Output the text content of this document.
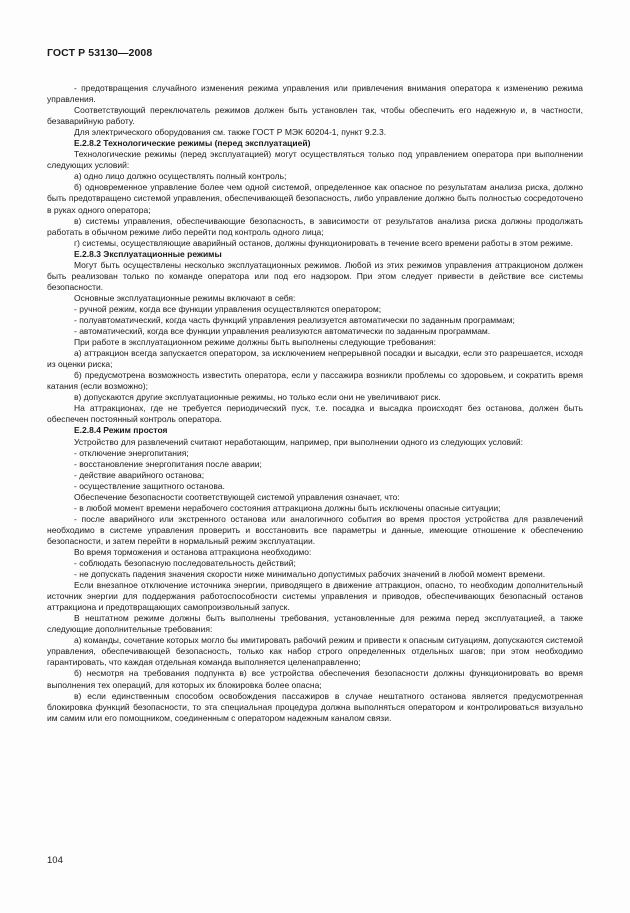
ГОСТ Р 53130—2008

- предотвращения случайного изменения режима управления или привлечения внимания оператора к изменению режима управления.

Соответствующий переключатель режимов должен быть установлен так, чтобы обеспечить его надежную и, в частности, безаварийную работу.

Для электрического оборудования см. также ГОСТ Р МЭК 60204-1, пункт 9.2.3.

Е.2.8.2 Технологические режимы (перед эксплуатацией)

Технологические режимы (перед эксплуатацией) могут осуществляться только под управлением оператора при выполнении следующих условий:

а) одно лицо должно осуществлять полный контроль;

б) одновременное управление более чем одной системой, определенное как опасное по результатам анализа риска, должно быть предотвращено системой управления, обеспечивающей безопасность, либо управление должно быть полностью сосредоточено в руках одного оператора;

в) системы управления, обеспечивающие безопасность, в зависимости от результатов анализа риска должны продолжать работать в обычном режиме либо перейти под контроль одного лица;

г) системы, осуществляющие аварийный останов, должны функционировать в течение всего времени работы в этом режиме.

Е.2.8.3 Эксплуатационные режимы

Могут быть осуществлены несколько эксплуатационных режимов. Любой из этих режимов управления аттракционом должен быть реализован только по команде оператора или под его надзором. При этом следует привести в действие все системы безопасности.

Основные эксплуатационные режимы включают в себя:

- ручной режим, когда все функции управления осуществляются оператором;

- полуавтоматический, когда часть функций управления реализуется автоматически по заданным программам;

- автоматический, когда все функции управления реализуются автоматически по заданным программам.

При работе в эксплуатационном режиме должны быть выполнены следующие требования:

а) аттракцион всегда запускается оператором, за исключением непрерывной посадки и высадки, если это разрешается, исходя из оценки риска;

б) предусмотрена возможность известить оператора, если у пассажира возникли проблемы со здоровьем, и сократить время катания (если возможно);

в) допускаются другие эксплуатационные режимы, но только если они не увеличивают риск.

На аттракционах, где не требуется периодический пуск, т.е. посадка и высадка происходят без останова, должен быть обеспечен постоянный контроль оператора.

Е.2.8.4 Режим простоя

Устройство для развлечений считают неработающим, например, при выполнении одного из следующих условий:

- отключение энергопитания;

- восстановление энергопитания после аварии;

- действие аварийного останова;

- осуществление защитного останова.

Обеспечение безопасности соответствующей системой управления означает, что:

- в любой момент времени нерабочего состояния аттракциона должны быть исключены опасные ситуации;

- после аварийного или экстренного останова или аналогичного события во время простоя устройства для развлечений необходимо в системе управления проверить и восстановить все параметры и данные, имеющие отношение к обеспечению безопасности, и затем перейти в нормальный режим эксплуатации.

Во время торможения и останова аттракциона необходимо:

- соблюдать безопасную последовательность действий;

- не допускать падения значения скорости ниже минимально допустимых рабочих значений в любой момент времени.

Если внезапное отключение источника энергии, приводящего в движение аттракцион, опасно, то необходим дополнительный источник энергии для поддержания работоспособности системы управления и приводов, обеспечивающих безопасный останов аттракциона и предотвращающих самопроизвольный запуск.

В нештатном режиме должны быть выполнены требования, установленные для режима перед эксплуатацией, а также следующие дополнительные требования:

а) команды, сочетание которых могло бы имитировать рабочий режим и привести к опасным ситуациям, допускаются системой управления, обеспечивающей безопасность, только как набор строго определенных отдельных шагов; при этом необходимо гарантировать, что каждая отдельная команда выполняется целенаправленно;

б) несмотря на требования подпункта в) все устройства обеспечения безопасности должны функционировать во время выполнения тех операций, для которых их блокировка более опасна;

в) если единственным способом освобождения пассажиров в случае нештатного останова является предусмотренная блокировка функций безопасности, то эта специальная процедура должна выполняться оператором и контролироваться визуально им самим или его помощником, соединенным с оператором надежным каналом связи.

104
